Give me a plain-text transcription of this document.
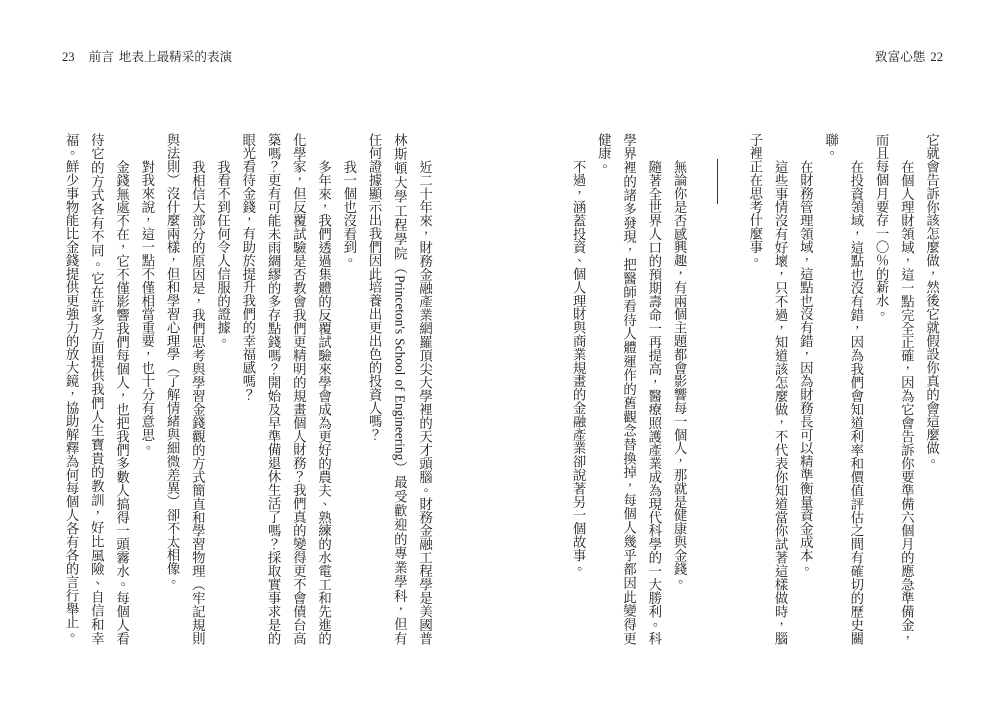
23 前言 地表上最精采的表演	致富心態 22
它就會告訴你該怎麼做，然後它就假設你真的會這麼做。
在個人理財領域，這一點完全正確，因為它會告訴你要準備六個月的應急準備金，
而且每個月要存一〇％的薪水。
在投資領域，這點也沒有錯，因為我們會知道利率和價值評估之間有確切的歷史關
聯。
在財務管理領域，這點也沒有錯，因為財務長可以精準衡量資金成本。
這些事情沒有好壞，只不過，知道該怎麼做，不代表你知道當你試著這樣做時，腦
子裡正在思考什麼事。
無論你是否感興趣，有兩個主題都會影響每一個人，那就是健康與金錢。
隨著全世界人口的預期壽命一再提高，醫療照護產業成為現代科學的一大勝利。科
學界裡的諸多發現，把醫師看待人體運作的舊觀念替換掉，每個人幾乎都因此變得更
健康。
不過，涵蓋投資、個人理財與商業規畫的金融產業卻說著另一個故事。
近二十年來，財務金融產業網羅頂尖大學裡的天才頭腦。財務金融工程學是美國普
林斯頓大學工程學院（Princeton's School of Engineering）最受歡迎的專業學科，但有
任何證據顯示出我們因此培養出更出色的投資人嗎？
我一個也沒看到。
多年來，我們透過集體的反覆試驗來學會成為更好的農夫、熟練的水電工和先進的
化學家，但反覆試驗是否教會我們更精明的規畫個人財務？我們真的變得更不會債台高
築嗎？更有可能未雨綢繆的多存點錢嗎？開始及早準備退休生活了嗎？採取實事求是的
眼光看待金錢，有助於提升我們的幸福感嗎？
我看不到任何令人信服的證據。
我相信大部分的原因是，我們思考與學習金錢觀的方式簡直和學習物理（牢記規則
與法則）沒什麼兩樣，但和學習心理學（了解情緒與細微差異）卻不太相像。
對我來說，這一點不僅相當重要，也十分有意思。
金錢無處不在，它不僅影響我們每個人，也把我們多數人搞得一頭霧水。每個人看
待它的方式各有不同。它在許多方面提供我們人生寶貴的教訓，好比風險、自信和幸
福。鮮少事物能比金錢提供更強力的放大鏡，協助解釋為何每個人各有各的言行舉止。
